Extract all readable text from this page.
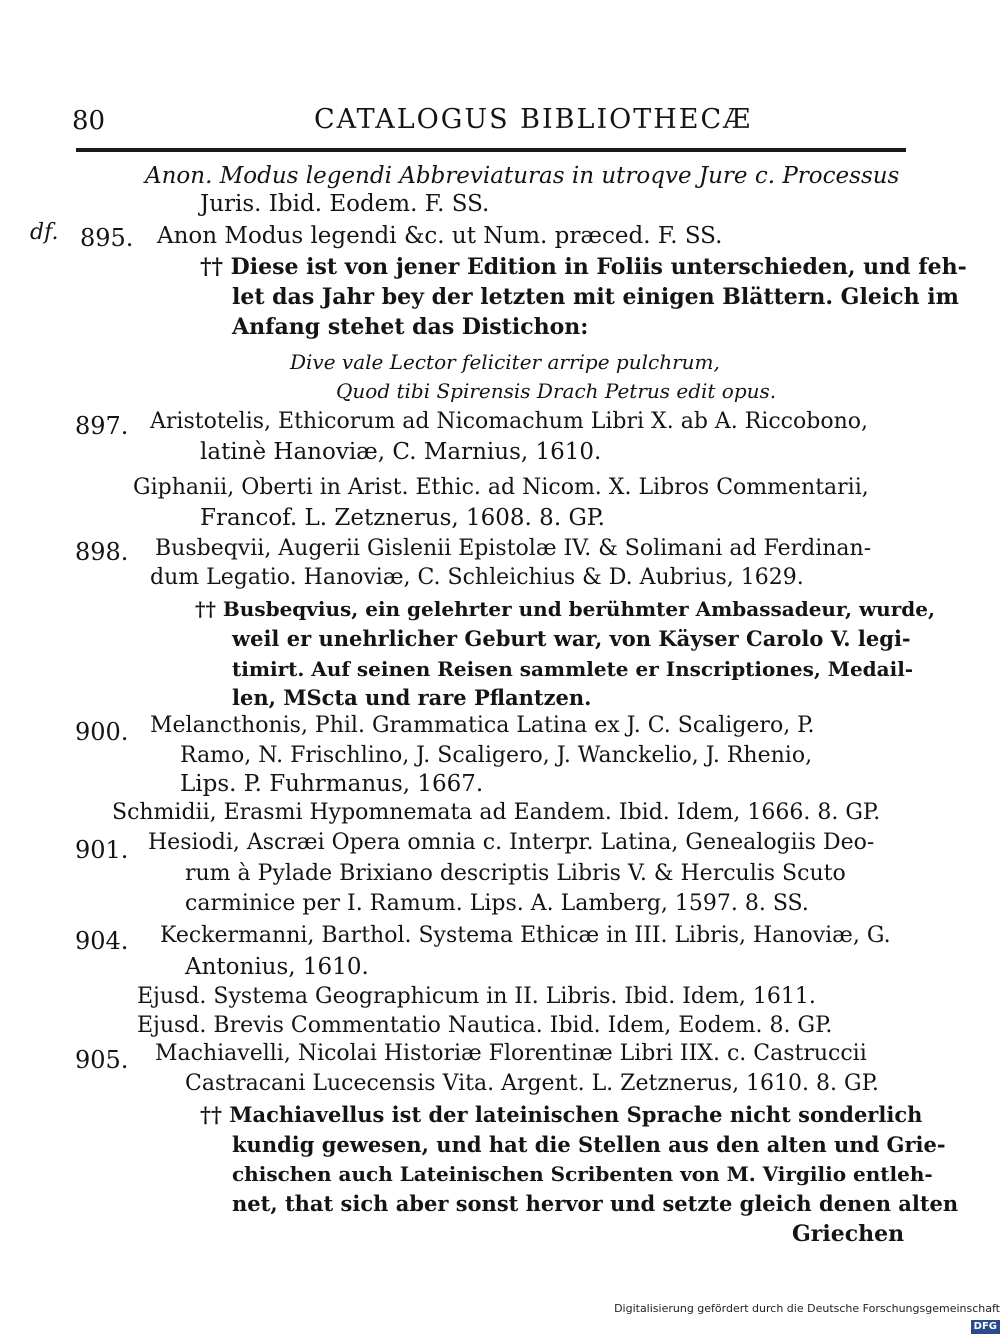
80	CATALOGUS BIBLIOTHECÆ
df.
Anon. Modus legendi Abbreviaturas in utroqve Jure c. Processus
Juris. Ibid. Eodem. F. SS.
895. Anon Modus legendi &c. ut Num. præced. F. SS.
†† Diese ist von jener Edition in Foliis unterschieden, und feh-
let das Jahr bey der letzten mit einigen Blättern. Gleich im
Anfang stehet das Distichon:
Dive vale Lector feliciter arripe pulchrum,
Quod tibi Spirensis Drach Petrus edit opus.
897. Aristotelis, Ethicorum ad Nicomachum Libri X. ab A. Riccobono,
latinè Hanoviæ, C. Marnius, 1610.
Giphanii, Oberti in Arist. Ethic. ad Nicom. X. Libros Commentarii,
Francof. L. Zetznerus, 1608. 8. GP.
898. Busbeqvii, Augerii Gislenii Epistolæ IV. & Solimani ad Ferdinan-
dum Legatio. Hanoviæ, C. Schleichius & D. Aubrius, 1629.
†† Busbeqvius, ein gelehrter und berühmter Ambassadeur, wurde,
weil er unehrlicher Geburt war, von Käyser Carolo V. legi-
timirt. Auf seinen Reisen sammlete er Inscriptiones, Medail-
len, MScta und rare Pflantzen.
900. Melancthonis, Phil. Grammatica Latina ex J. C. Scaligero, P.
Ramo, N. Frischlino, J. Scaligero, J. Wanckelio, J. Rhenio,
Lips. P. Fuhrmanus, 1667.
Schmidii, Erasmi Hypomnemata ad Eandem. Ibid. Idem, 1666. 8. GP.
901. Hesiodi, Ascræi Opera omnia c. Interpr. Latina, Genealogiis Deo-
rum à Pylade Brixiano descriptis Libris V. & Herculis Scuto
carminice per I. Ramum. Lips. A. Lamberg, 1597. 8. SS.
904. Keckermanni, Barthol. Systema Ethicæ in III. Libris, Hanoviæ, G.
Antonius, 1610.
Ejusd. Systema Geographicum in II. Libris. Ibid. Idem, 1611.
Ejusd. Brevis Commentatio Nautica. Ibid. Idem, Eodem. 8. GP.
905. Machiavelli, Nicolai Historiæ Florentinæ Libri IIX. c. Castruccii
Castracani Lucecensis Vita. Argent. L. Zetznerus, 1610. 8. GP.
†† Machiavellus ist der lateinischen Sprache nicht sonderlich
kundig gewesen, und hat die Stellen aus den alten und Grie-
chischen auch Lateinischen Scribenten von M. Virgilio entleh-
net, that sich aber sonst hervor und setzte gleich denen alten
Griechen
Digitalisierung gefördert durch die Deutsche Forschungsgemeinschaft DFG
